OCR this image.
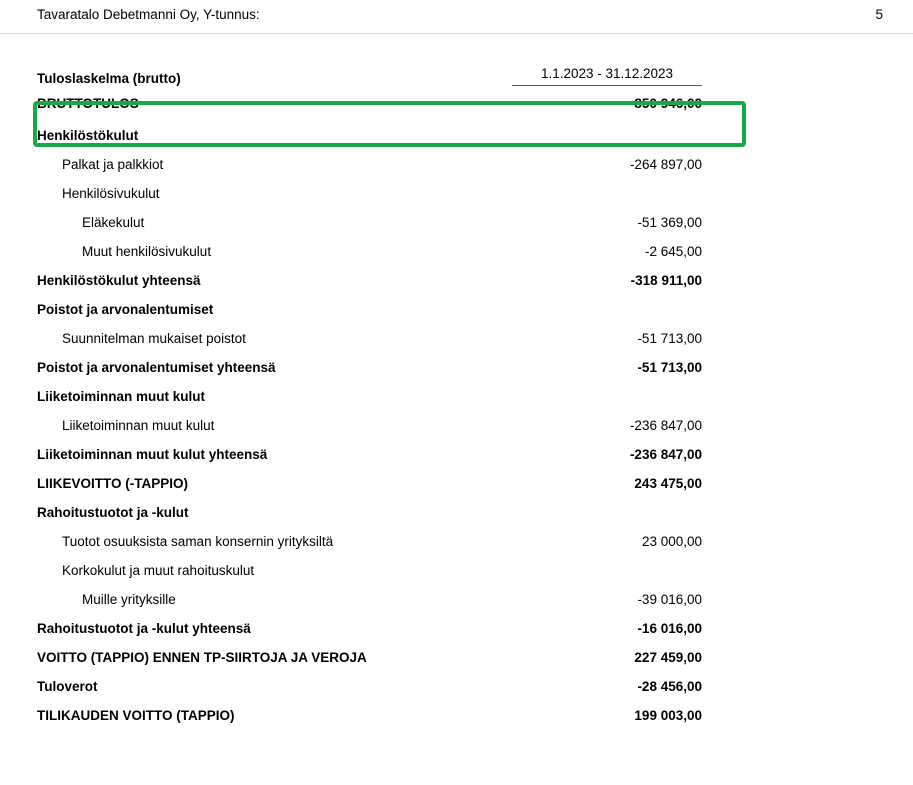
Tavaratalo Debetmanni Oy, Y-tunnus:	5
Tuloslaskelma (brutto)	1.1.2023 - 31.12.2023
BRUTTOTULOS	850 946,00
Henkilöstökulut
Palkat ja palkkiot	-264 897,00
Henkilösivukulut
Eläkekulut	-51 369,00
Muut henkilösivukulut	-2 645,00
Henkilöstökulut yhteensä	-318 911,00
Poistot ja arvonalentumiset
Suunnitelman mukaiset poistot	-51 713,00
Poistot ja arvonalentumiset yhteensä	-51 713,00
Liiketoiminnan muut kulut
Liiketoiminnan muut kulut	-236 847,00
Liiketoiminnan muut kulut yhteensä	-236 847,00
LIIKEVOITTO (-TAPPIO)	243 475,00
Rahoitustuotot ja -kulut
Tuotot osuuksista saman konsernin yrityksiltä	23 000,00
Korkokulut ja muut rahoituskulut
Muille yrityksille	-39 016,00
Rahoitustuotot ja -kulut yhteensä	-16 016,00
VOITTO (TAPPIO) ENNEN TP-SIIRTOJA JA VEROJA	227 459,00
Tuloverot	-28 456,00
TILIKAUDEN VOITTO (TAPPIO)	199 003,00
